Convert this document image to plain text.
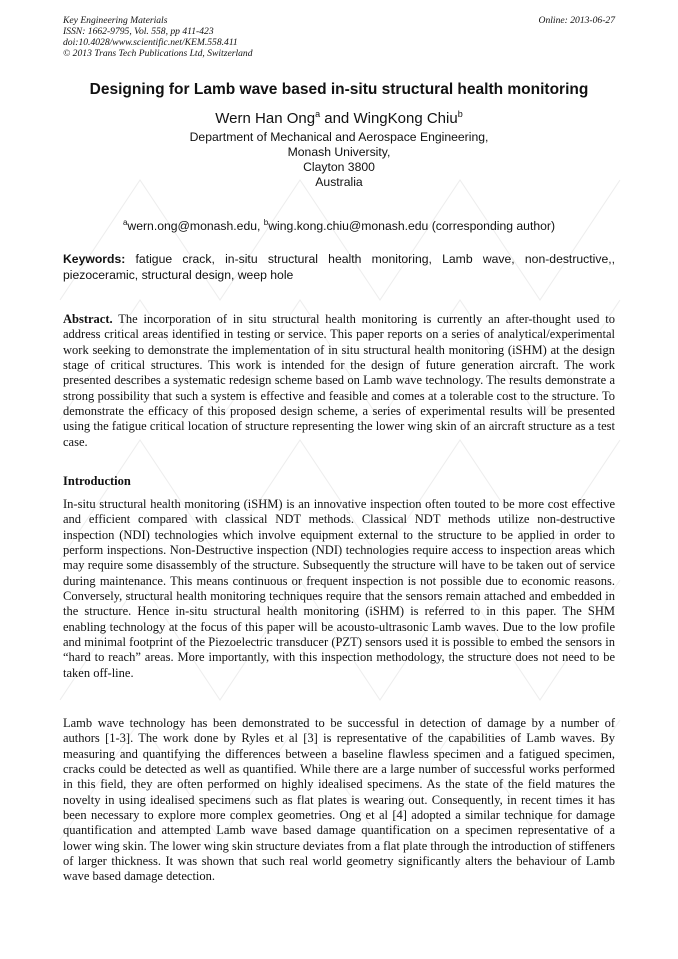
Key Engineering Materials
ISSN: 1662-9795, Vol. 558, pp 411-423
doi:10.4028/www.scientific.net/KEM.558.411
© 2013 Trans Tech Publications Ltd, Switzerland
Online: 2013-06-27
Designing for Lamb wave based in-situ structural health monitoring
Wern Han Ong$^a$ and WingKong Chiu$^b$
Department of Mechanical and Aerospace Engineering,
Monash University,
Clayton 3800
Australia
$^a$wern.ong@monash.edu, $^b$wing.kong.chiu@monash.edu (corresponding author)
Keywords: fatigue crack, in-situ structural health monitoring, Lamb wave, non-destructive,, piezoceramic, structural design, weep hole
Abstract. The incorporation of in situ structural health monitoring is currently an after-thought used to address critical areas identified in testing or service. This paper reports on a series of analytical/experimental work seeking to demonstrate the implementation of in situ structural health monitoring (iSHM) at the design stage of critical structures. This work is intended for the design of future generation aircraft. The work presented describes a systematic redesign scheme based on Lamb wave technology. The results demonstrate a strong possibility that such a system is effective and feasible and comes at a tolerable cost to the structure. To demonstrate the efficacy of this proposed design scheme, a series of experimental results will be presented using the fatigue critical location of structure representing the lower wing skin of an aircraft structure as a test case.
Introduction
In-situ structural health monitoring (iSHM) is an innovative inspection often touted to be more cost effective and efficient compared with classical NDT methods. Classical NDT methods utilize non-destructive inspection (NDI) technologies which involve equipment external to the structure to be applied in order to perform inspections. Non-Destructive inspection (NDI) technologies require access to inspection areas which may require some disassembly of the structure. Subsequently the structure will have to be taken out of service during maintenance. This means continuous or frequent inspection is not possible due to economic reasons. Conversely, structural health monitoring techniques require that the sensors remain attached and embedded in the structure. Hence in-situ structural health monitoring (iSHM) is referred to in this paper. The SHM enabling technology at the focus of this paper will be acousto-ultrasonic Lamb waves. Due to the low profile and minimal footprint of the Piezoelectric transducer (PZT) sensors used it is possible to embed the sensors in “hard to reach” areas. More importantly, with this inspection methodology, the structure does not need to be taken off-line.
Lamb wave technology has been demonstrated to be successful in detection of damage by a number of authors [1-3]. The work done by Ryles et al [3] is representative of the capabilities of Lamb waves. By measuring and quantifying the differences between a baseline flawless specimen and a fatigued specimen, cracks could be detected as well as quantified. While there are a large number of successful works performed in this field, they are often performed on highly idealised specimens. As the state of the field matures the novelty in using idealised specimens such as flat plates is wearing out. Consequently, in recent times it has been necessary to explore more complex geometries. Ong et al [4] adopted a similar technique for damage quantification and attempted Lamb wave based damage quantification on a specimen representative of a lower wing skin. The lower wing skin structure deviates from a flat plate through the introduction of stiffeners of larger thickness. It was shown that such real world geometry significantly alters the behaviour of Lamb wave based damage detection.
